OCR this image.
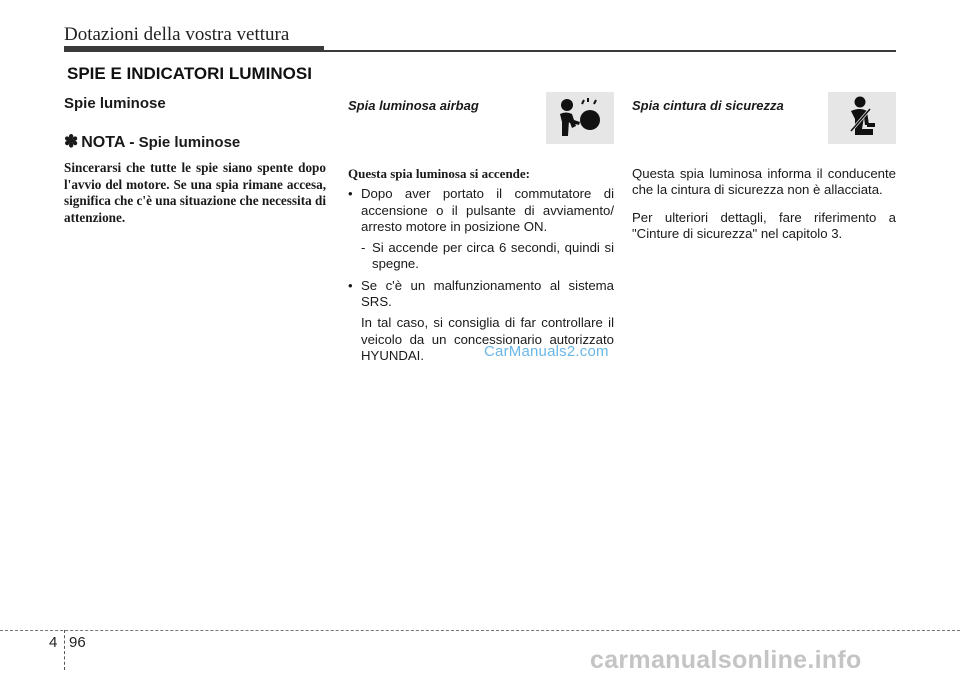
Dotazioni della vostra vettura
SPIE E INDICATORI LUMINOSI
Spie luminose
✽ NOTA - Spie luminose
Sincerarsi che tutte le spie siano spente dopo l'avvio del motore. Se una spia rimane accesa, significa che c'è una situazione che necessita di attenzione.
Spia luminosa airbag
Questa spia luminosa si accende:
• Dopo aver portato il commutatore di accensione o il pulsante di avviamento/ arresto motore in posizione ON.
- Si accende per circa 6 secondi, quindi si spegne.
• Se c'è un malfunzionamento al sistema SRS.
In tal caso, si consiglia di far controllare il veicolo da un concessionario autorizzato HYUNDAI.
Spia cintura di sicurezza
Questa spia luminosa informa il conducente che la cintura di sicurezza non è allacciata.
Per ulteriori dettagli, fare riferimento a "Cinture di sicurezza" nel capitolo 3.
CarManuals2.com
4 96
carmanualsonline.info
